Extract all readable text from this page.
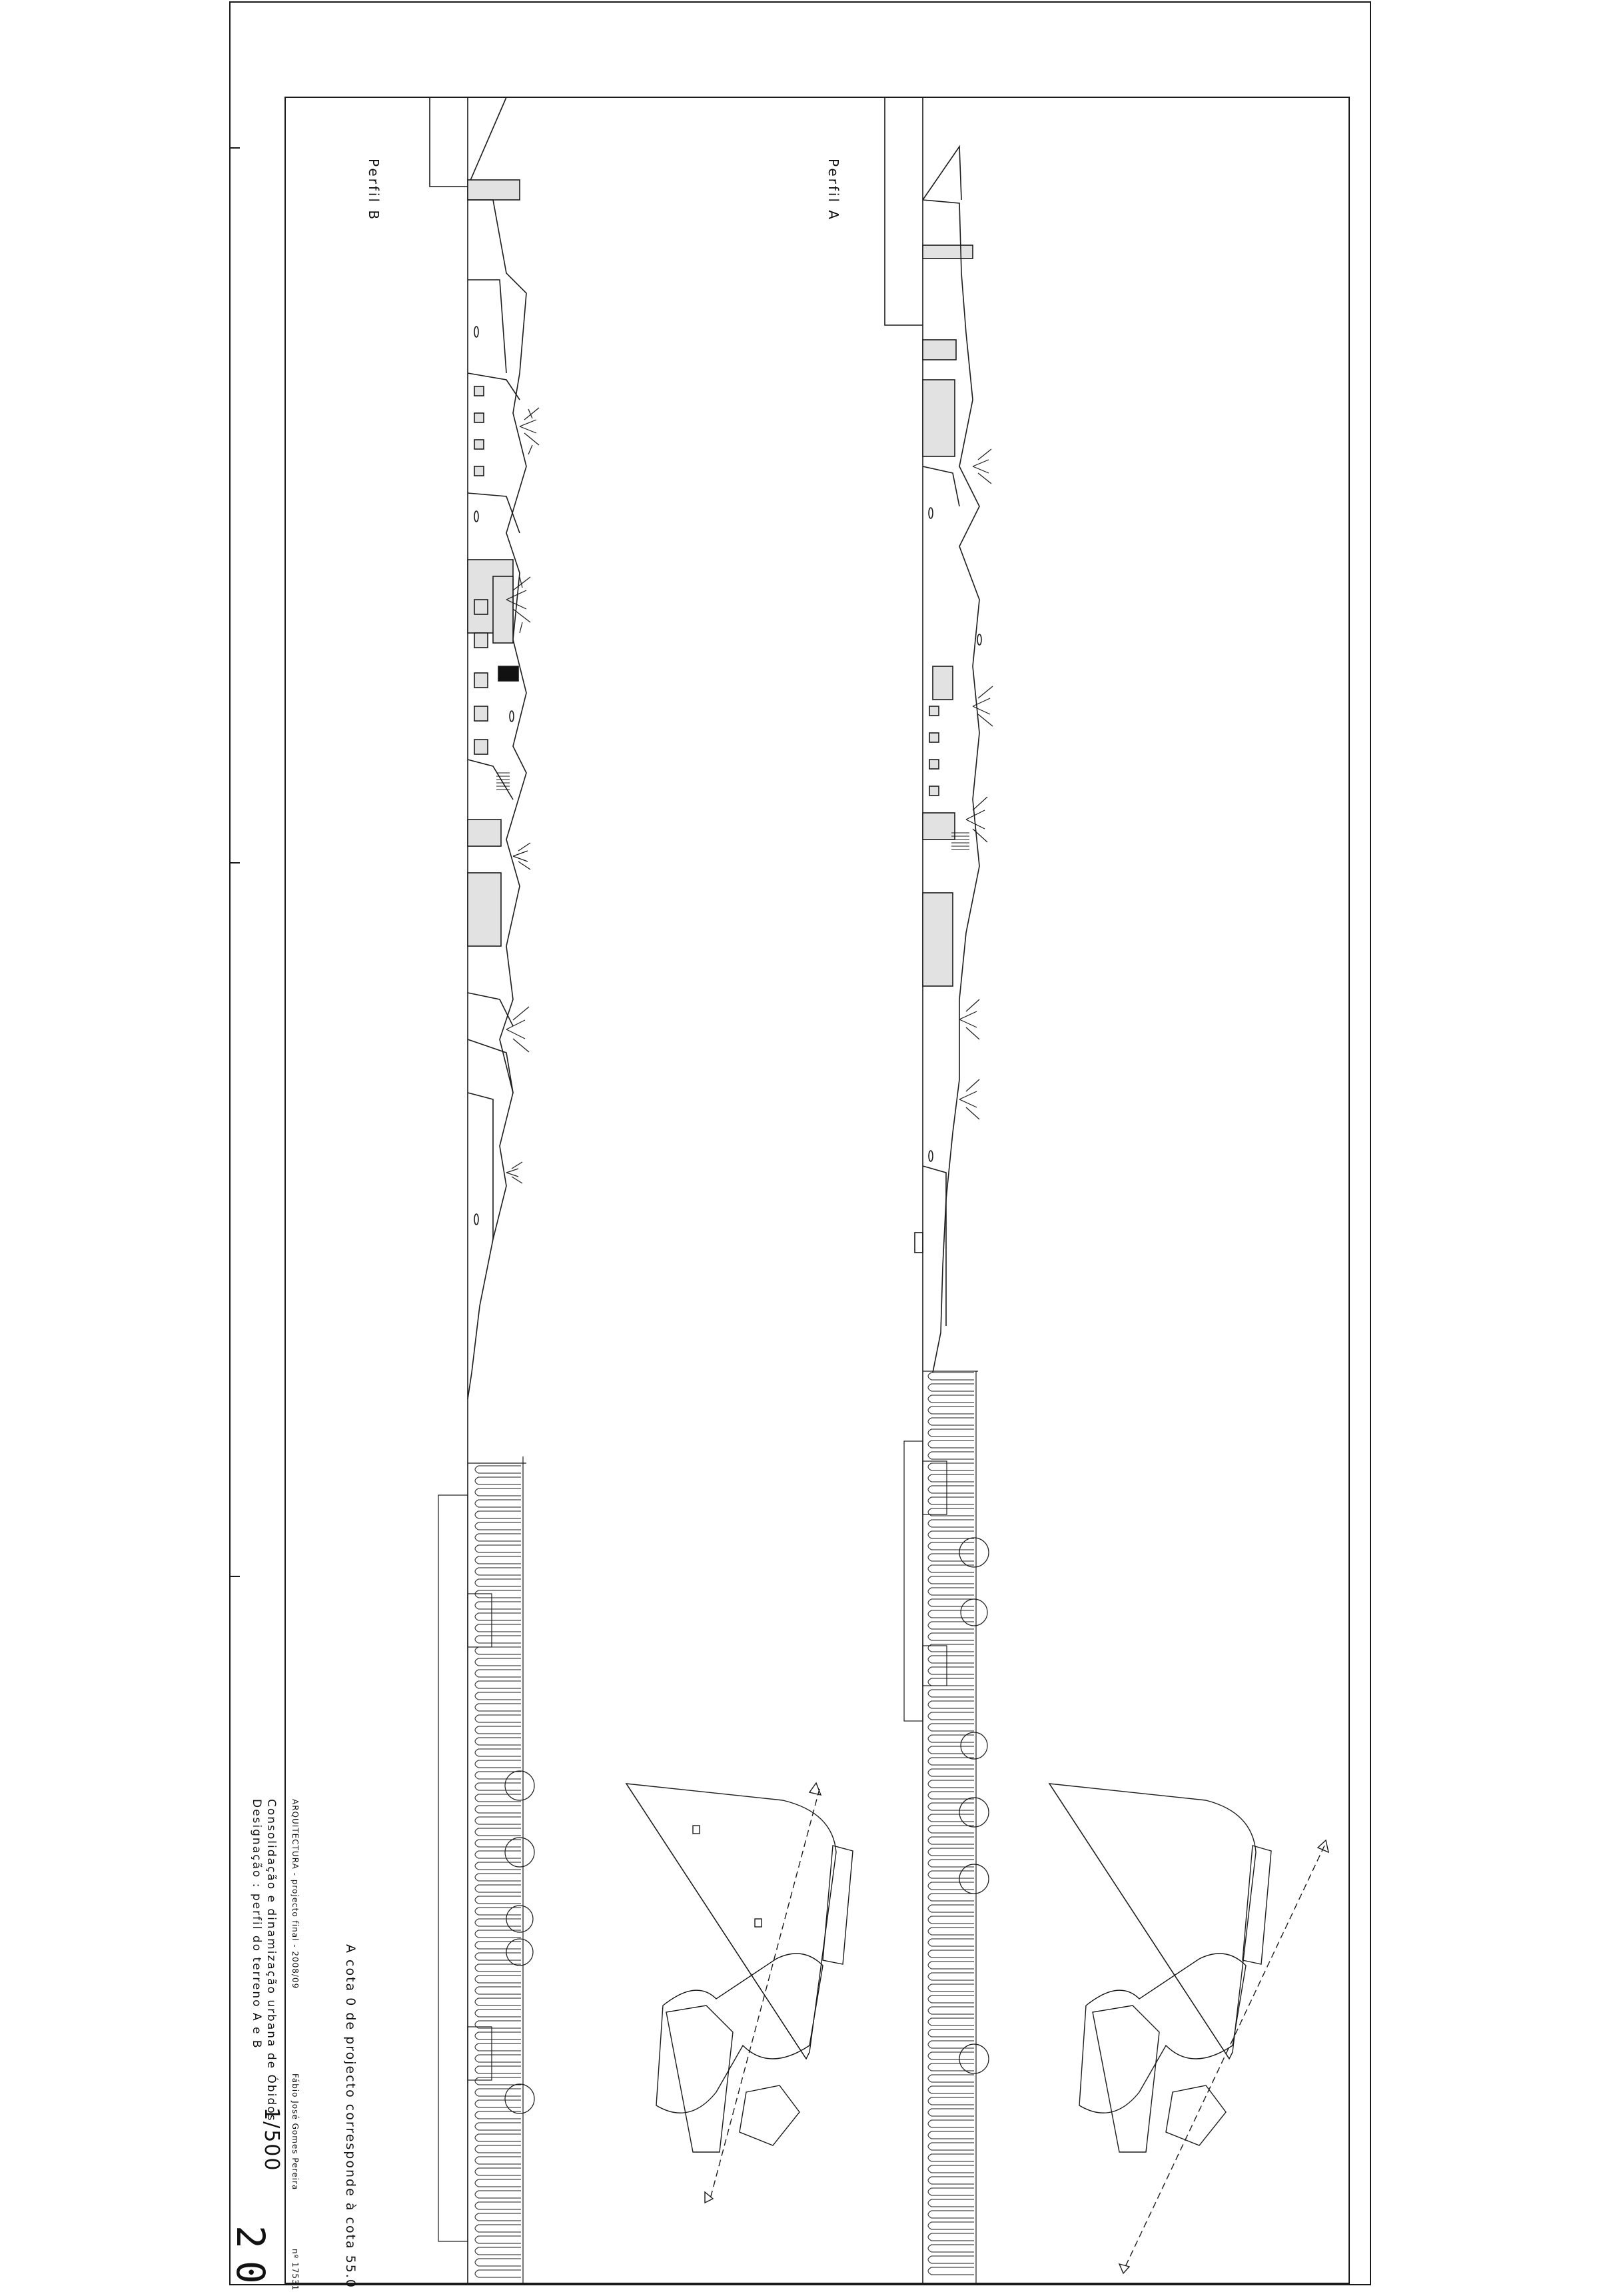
Perfil B	Perfil A
A cota 0 de projecto corresponde à cota 55.0
ARQUITECTURA - projecto final - 2008/09
Consolidação e dinamização urbana de Óbidos
Designação : perfil do terreno A e B
Fábio José Gomes Pereira
nº 17531
1/500
20
